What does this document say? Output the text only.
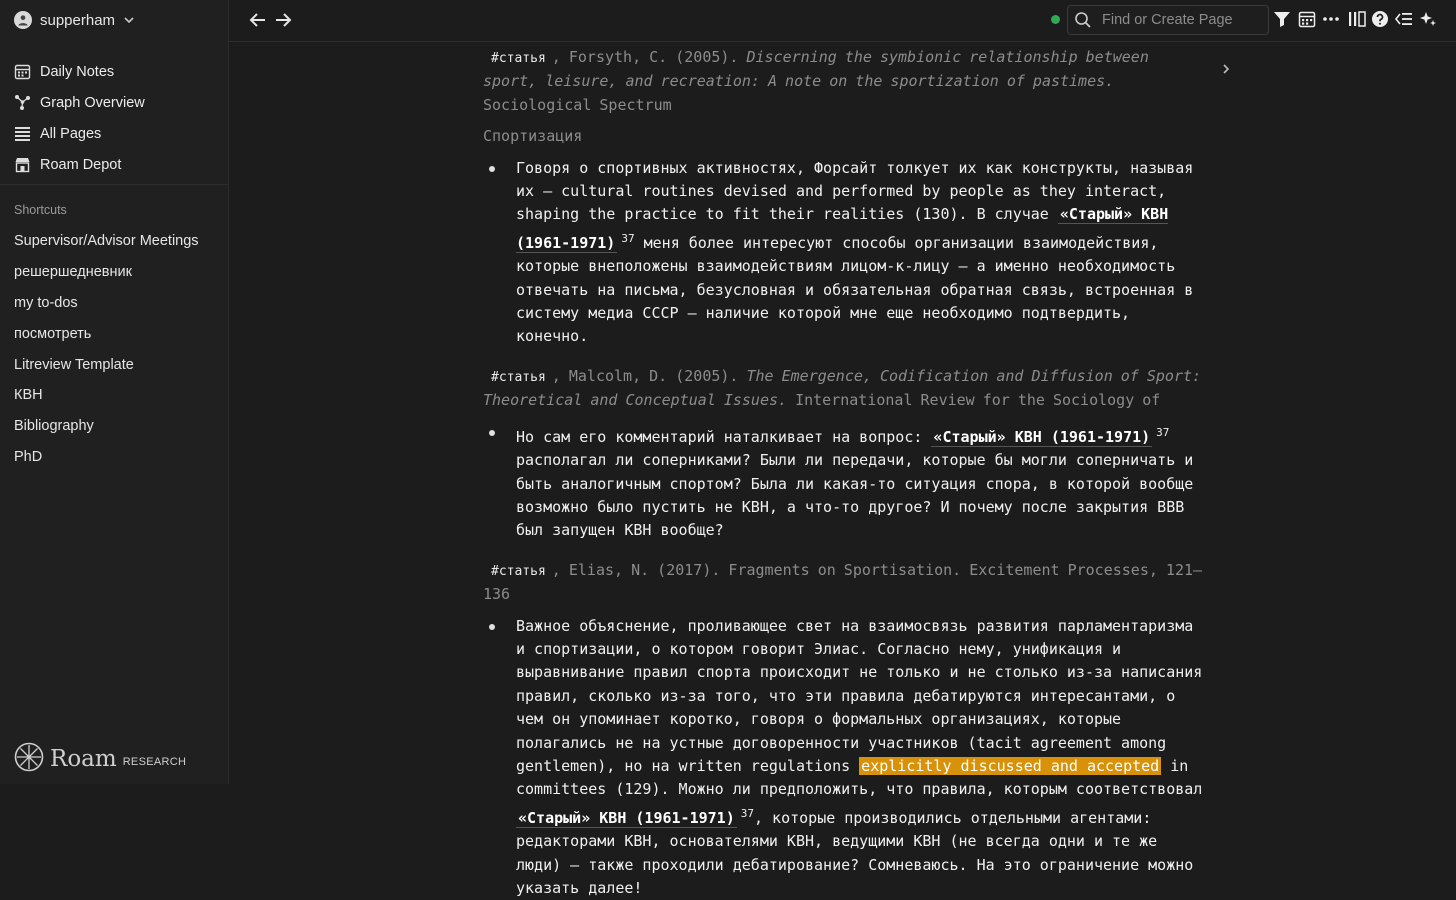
supperham
Daily Notes
Graph Overview
All Pages
Roam Depot
Shortcuts
Supervisor/Advisor Meetings
решершедневник
my to-dos
посмотреть
Litreview Template
КВН
Bibliography
PhD
Roam RESEARCH
Find or Create Page
#статья , Forsyth, C. (2005). Discerning the symbionic relationship between sport, leisure, and recreation: A note on the sportization of pastimes. Sociological Spectrum
Спортизация
Говоря о спортивных активностях, Форсайт толкует их как конструкты, называя их – cultural routines devised and performed by people as they interact, shaping the practice to fit their realities (130). В случае «Старый» КВН (1961-1971) $^{37}$ меня более интересуют способы организации взаимодействия, которые внеположены взаимодействиям лицом-к-лицу – а именно необходимость отвечать на письма, безусловная и обязательная обратная связь, встроенная в систему медиа СССР – наличие которой мне еще необходимо подтвердить, конечно.
#статья , Malcolm, D. (2005). The Emergence, Codification and Diffusion of Sport: Theoretical and Conceptual Issues. International Review for the Sociology of
Но сам его комментарий наталкивает на вопрос: «Старый» КВН (1961-1971) $^{37}$ располагал ли соперниками? Были ли передачи, которые бы могли соперничать и быть аналогичным спортом? Была ли какая-то ситуация спора, в которой вообще возможно было пустить не КВН, а что-то другое? И почему после закрытия ВВВ был запущен КВН вообще?
#статья , Elias, N. (2017). Fragments on Sportisation. Excitement Processes, 121–136
Важное объяснение, проливающее свет на взаимосвязь развития парламентаризма и спортизации, о котором говорит Элиас. Согласно нему, унификация и выравнивание правил спорта происходит не только и не столько из-за написания правил, сколько из-за того, что эти правила дебатируются интересантами, о чем он упоминает коротко, говоря о формальных организациях, которые полагались не на устные договоренности участников (tacit agreement among gentlemen), но на written regulations explicitly discussed and accepted in committees (129). Можно ли предположить, что правила, которым соответствовал «Старый» КВН (1961-1971) $^{37}$, которые производились отдельными агентами: редакторами КВН, основателями КВН, ведущими КВН (не всегда одни и те же люди) – также проходили дебатирование? Сомневаюсь. На это ограничение можно указать далее!
